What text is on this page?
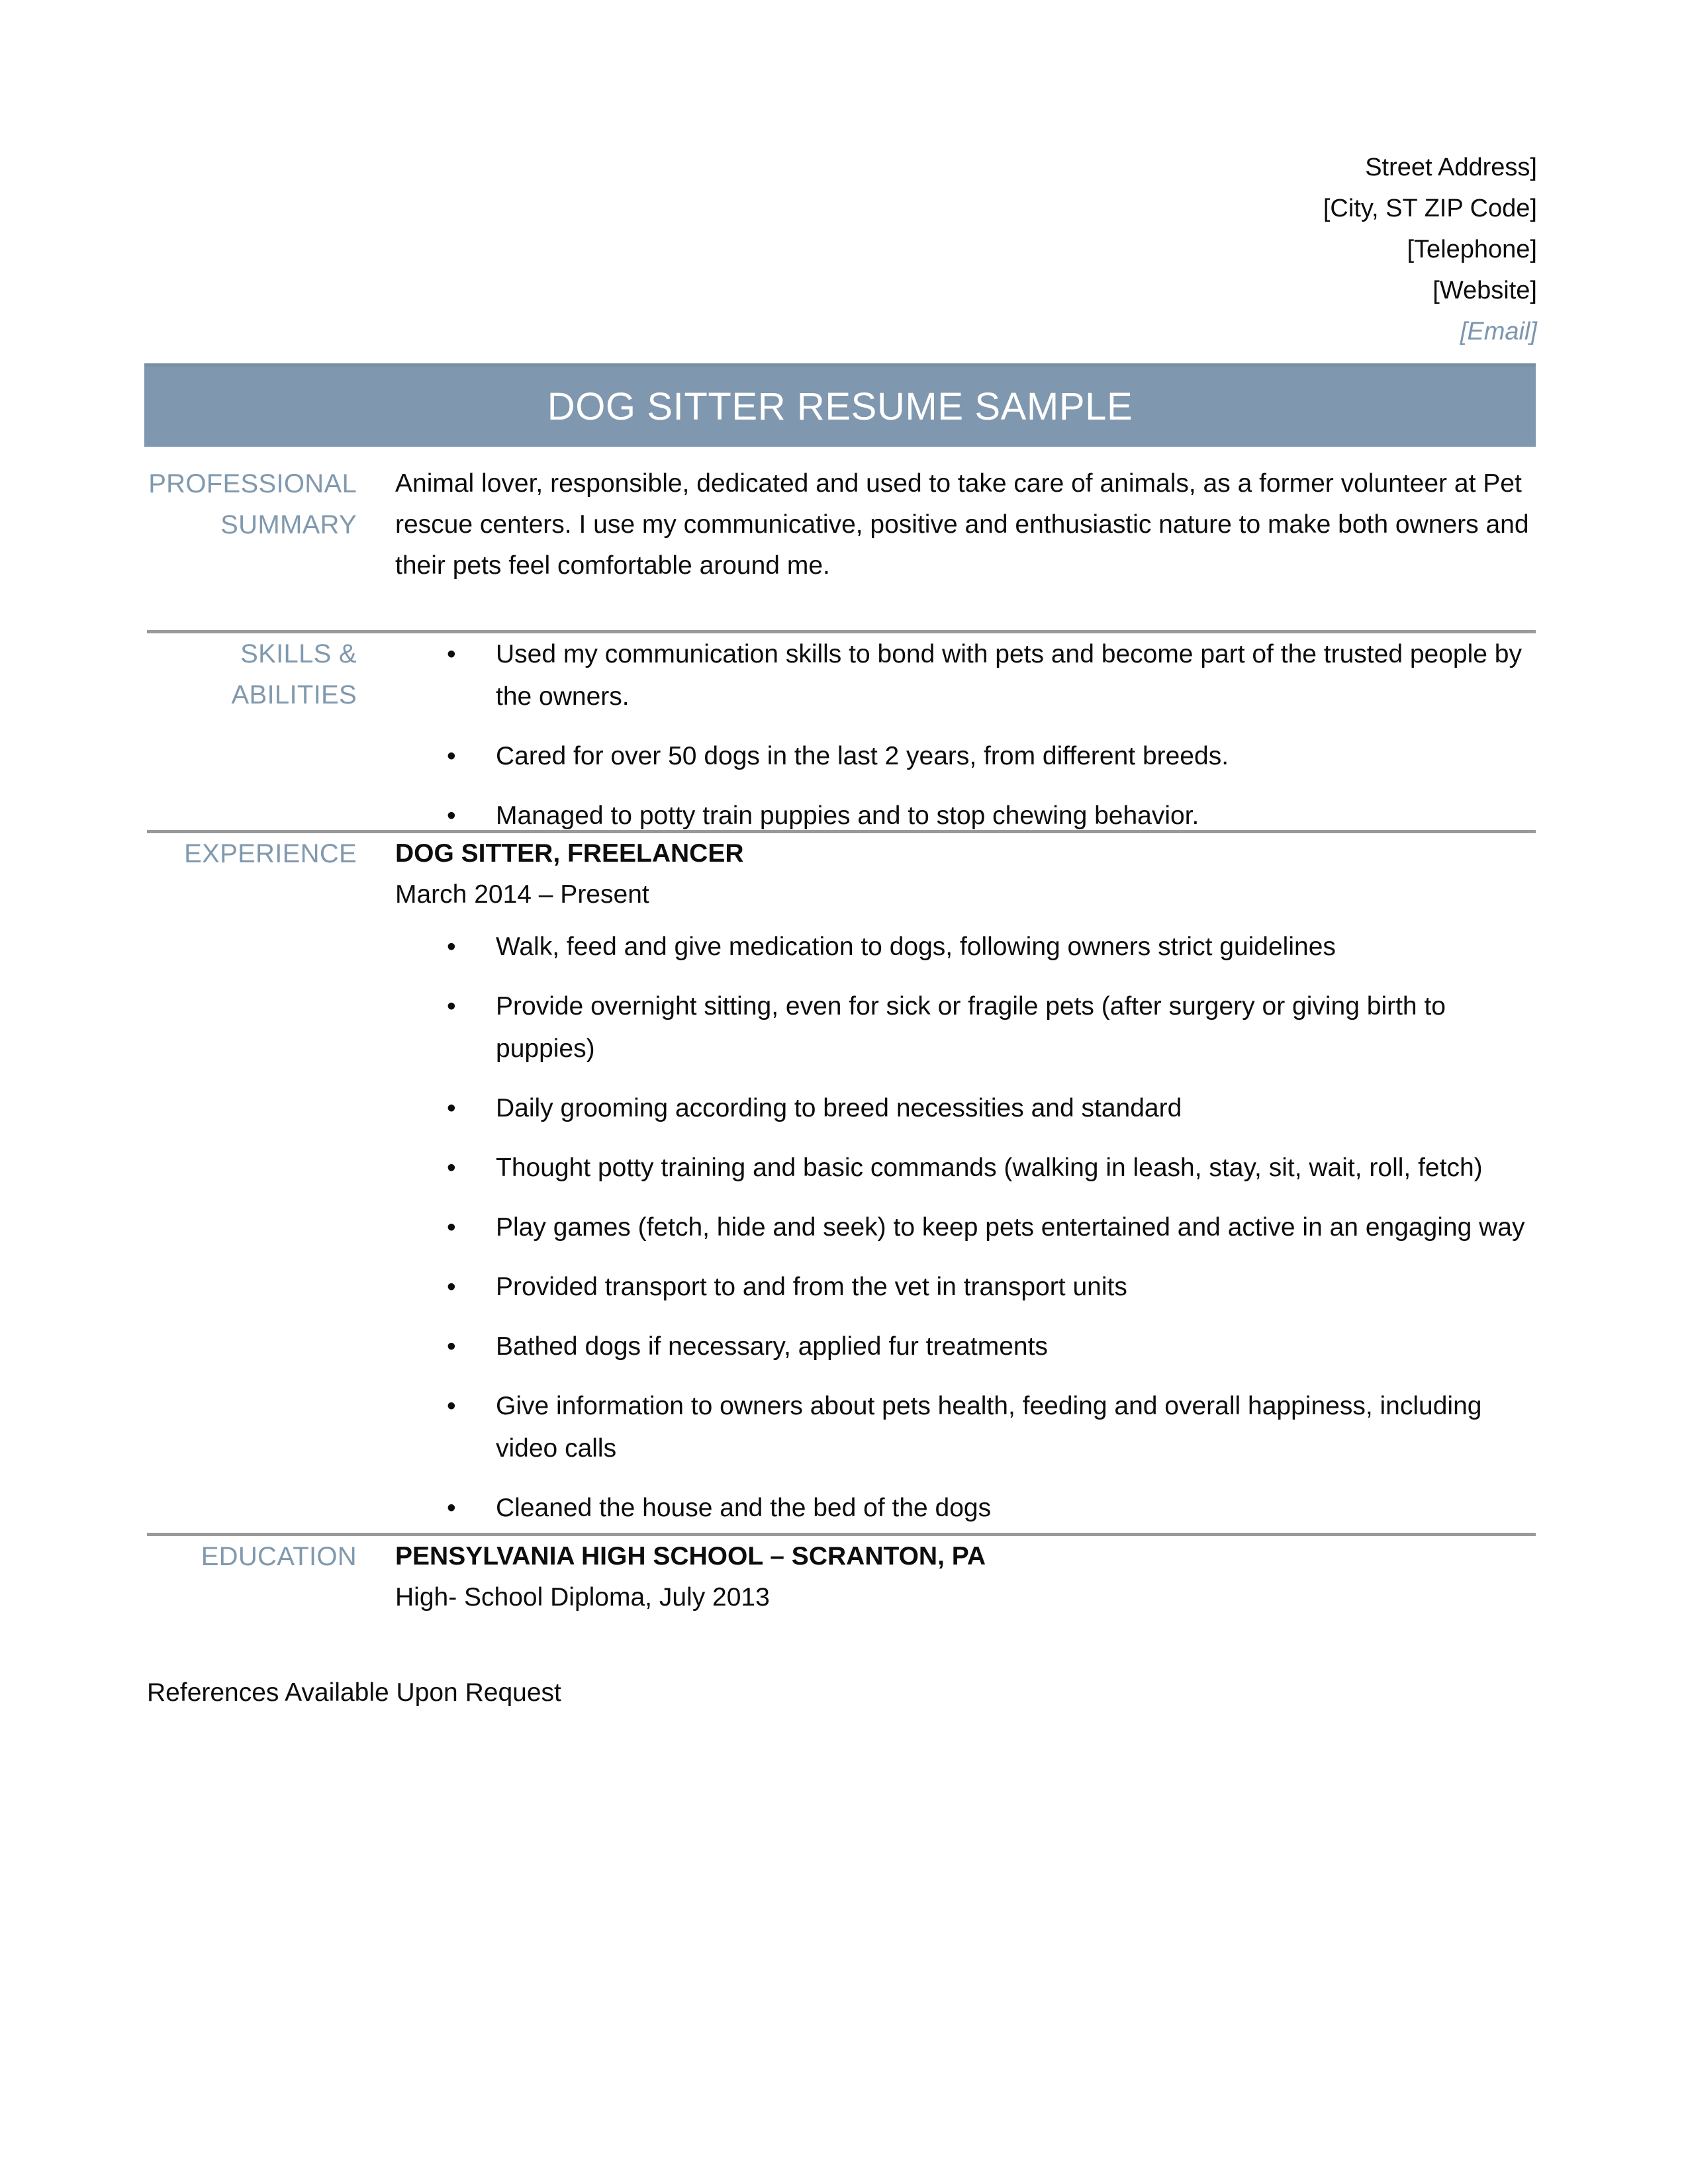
Street Address]
[City, ST ZIP Code]
[Telephone]
[Website]
[Email]
DOG SITTER RESUME SAMPLE
PROFESSIONAL
SUMMARY
Animal lover, responsible, dedicated and used to take care of animals, as a former volunteer at Pet rescue centers. I use my communicative, positive and enthusiastic nature to make both owners and their pets feel comfortable around me.
SKILLS & ABILITIES
• Used my communication skills to bond with pets and become part of the trusted people by the owners.
• Cared for over 50 dogs in the last 2 years, from different breeds.
• Managed to potty train puppies and to stop chewing behavior.
EXPERIENCE DOG SITTER, FREELANCER
March 2014 – Present
• Walk, feed and give medication to dogs, following owners strict guidelines
• Provide overnight sitting, even for sick or fragile pets (after surgery or giving birth to puppies)
• Daily grooming according to breed necessities and standard
• Thought potty training and basic commands (walking in leash, stay, sit, wait, roll, fetch)
• Play games (fetch, hide and seek) to keep pets entertained and active in an engaging way
• Provided transport to and from the vet in transport units
• Bathed dogs if necessary, applied fur treatments
• Give information to owners about pets health, feeding and overall happiness, including video calls
• Cleaned the house and the bed of the dogs
EDUCATION PENSYLVANIA HIGH SCHOOL – SCRANTON, PA
High- School Diploma, July 2013
References Available Upon Request
